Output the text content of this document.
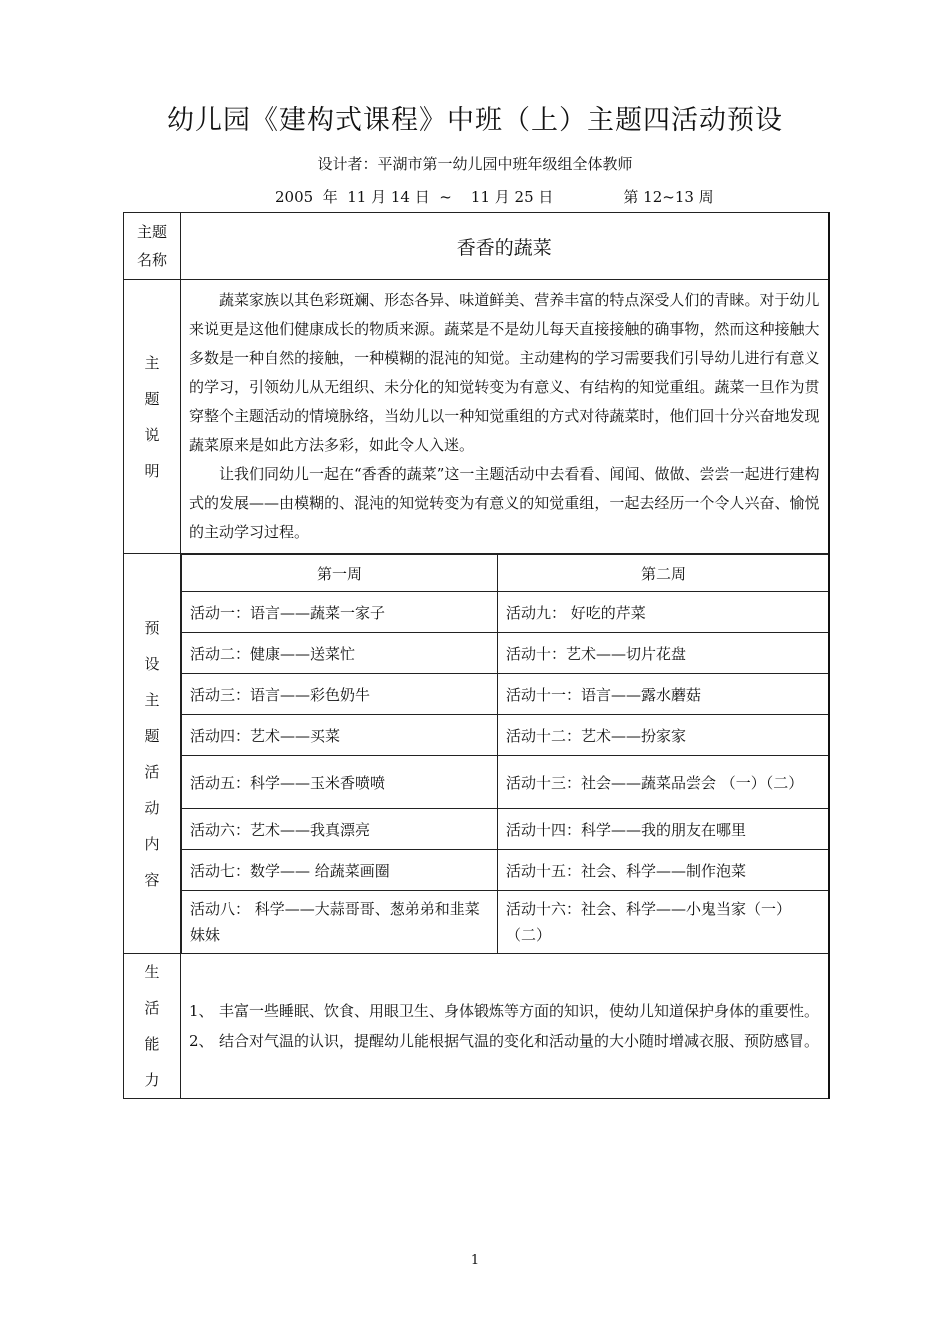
幼儿园《建构式课程》中班（上）主题四活动预设
设计者：平湖市第一幼儿园中班年级组全体教师
2005  年  11 月 14 日  ~    11 月 25 日	第 12~13 周
主题
名称
	香香的蔬菜

主
题
说
明

蔬菜家族以其色彩斑斓、形态各异、味道鲜美、营养丰富的特点深受人们的青睐。对于幼儿来说更是这他们健康成长的物质来源。蔬菜是不是幼儿每天直接接触的确事物，然而这种接触大多数是一种自然的接触，一种模糊的混沌的知觉。主动建构的学习需要我们引导幼儿进行有意义的学习，引领幼儿从无组织、未分化的知觉转变为有意义、有结构的知觉重组。蔬菜一旦作为贯穿整个主题活动的情境脉络，当幼儿以一种知觉重组的方式对待蔬菜时，他们回十分兴奋地发现蔬菜原来是如此方法多彩，如此令人入迷。

让我们同幼儿一起在“香香的蔬菜”这一主题活动中去看看、闻闻、做做、尝尝一起进行建构式的发展——由模糊的、混沌的知觉转变为有意义的知觉重组，一起去经历一个令人兴奋、愉悦的主动学习过程。

预
设
主
题
活
动
内
容

第一周	第二周
活动一：语言——蔬菜一家子	活动九： 好吃的芹菜
活动二：健康——送菜忙	活动十：艺术——切片花盘
活动三：语言——彩色奶牛	活动十一：语言——露水蘑菇
活动四：艺术——买菜	活动十二：艺术——扮家家
活动五：科学——玉米香喷喷	活动十三：社会——蔬菜品尝会 （一）（二）
活动六：艺术——我真漂亮	活动十四：科学——我的朋友在哪里
活动七：数学—— 给蔬菜画圈	活动十五：社会、科学——制作泡菜
活动八： 科学——大蒜哥哥、葱弟弟和韭菜妹妹	活动十六：社会、科学——小鬼当家（一）（二）

生
活
能
力

1、 丰富一些睡眠、饮食、用眼卫生、身体锻炼等方面的知识，使幼儿知道保护身体的重要性。
2、 结合对气温的认识，提醒幼儿能根据气温的变化和活动量的大小随时增减衣服、预防感冒。
1
